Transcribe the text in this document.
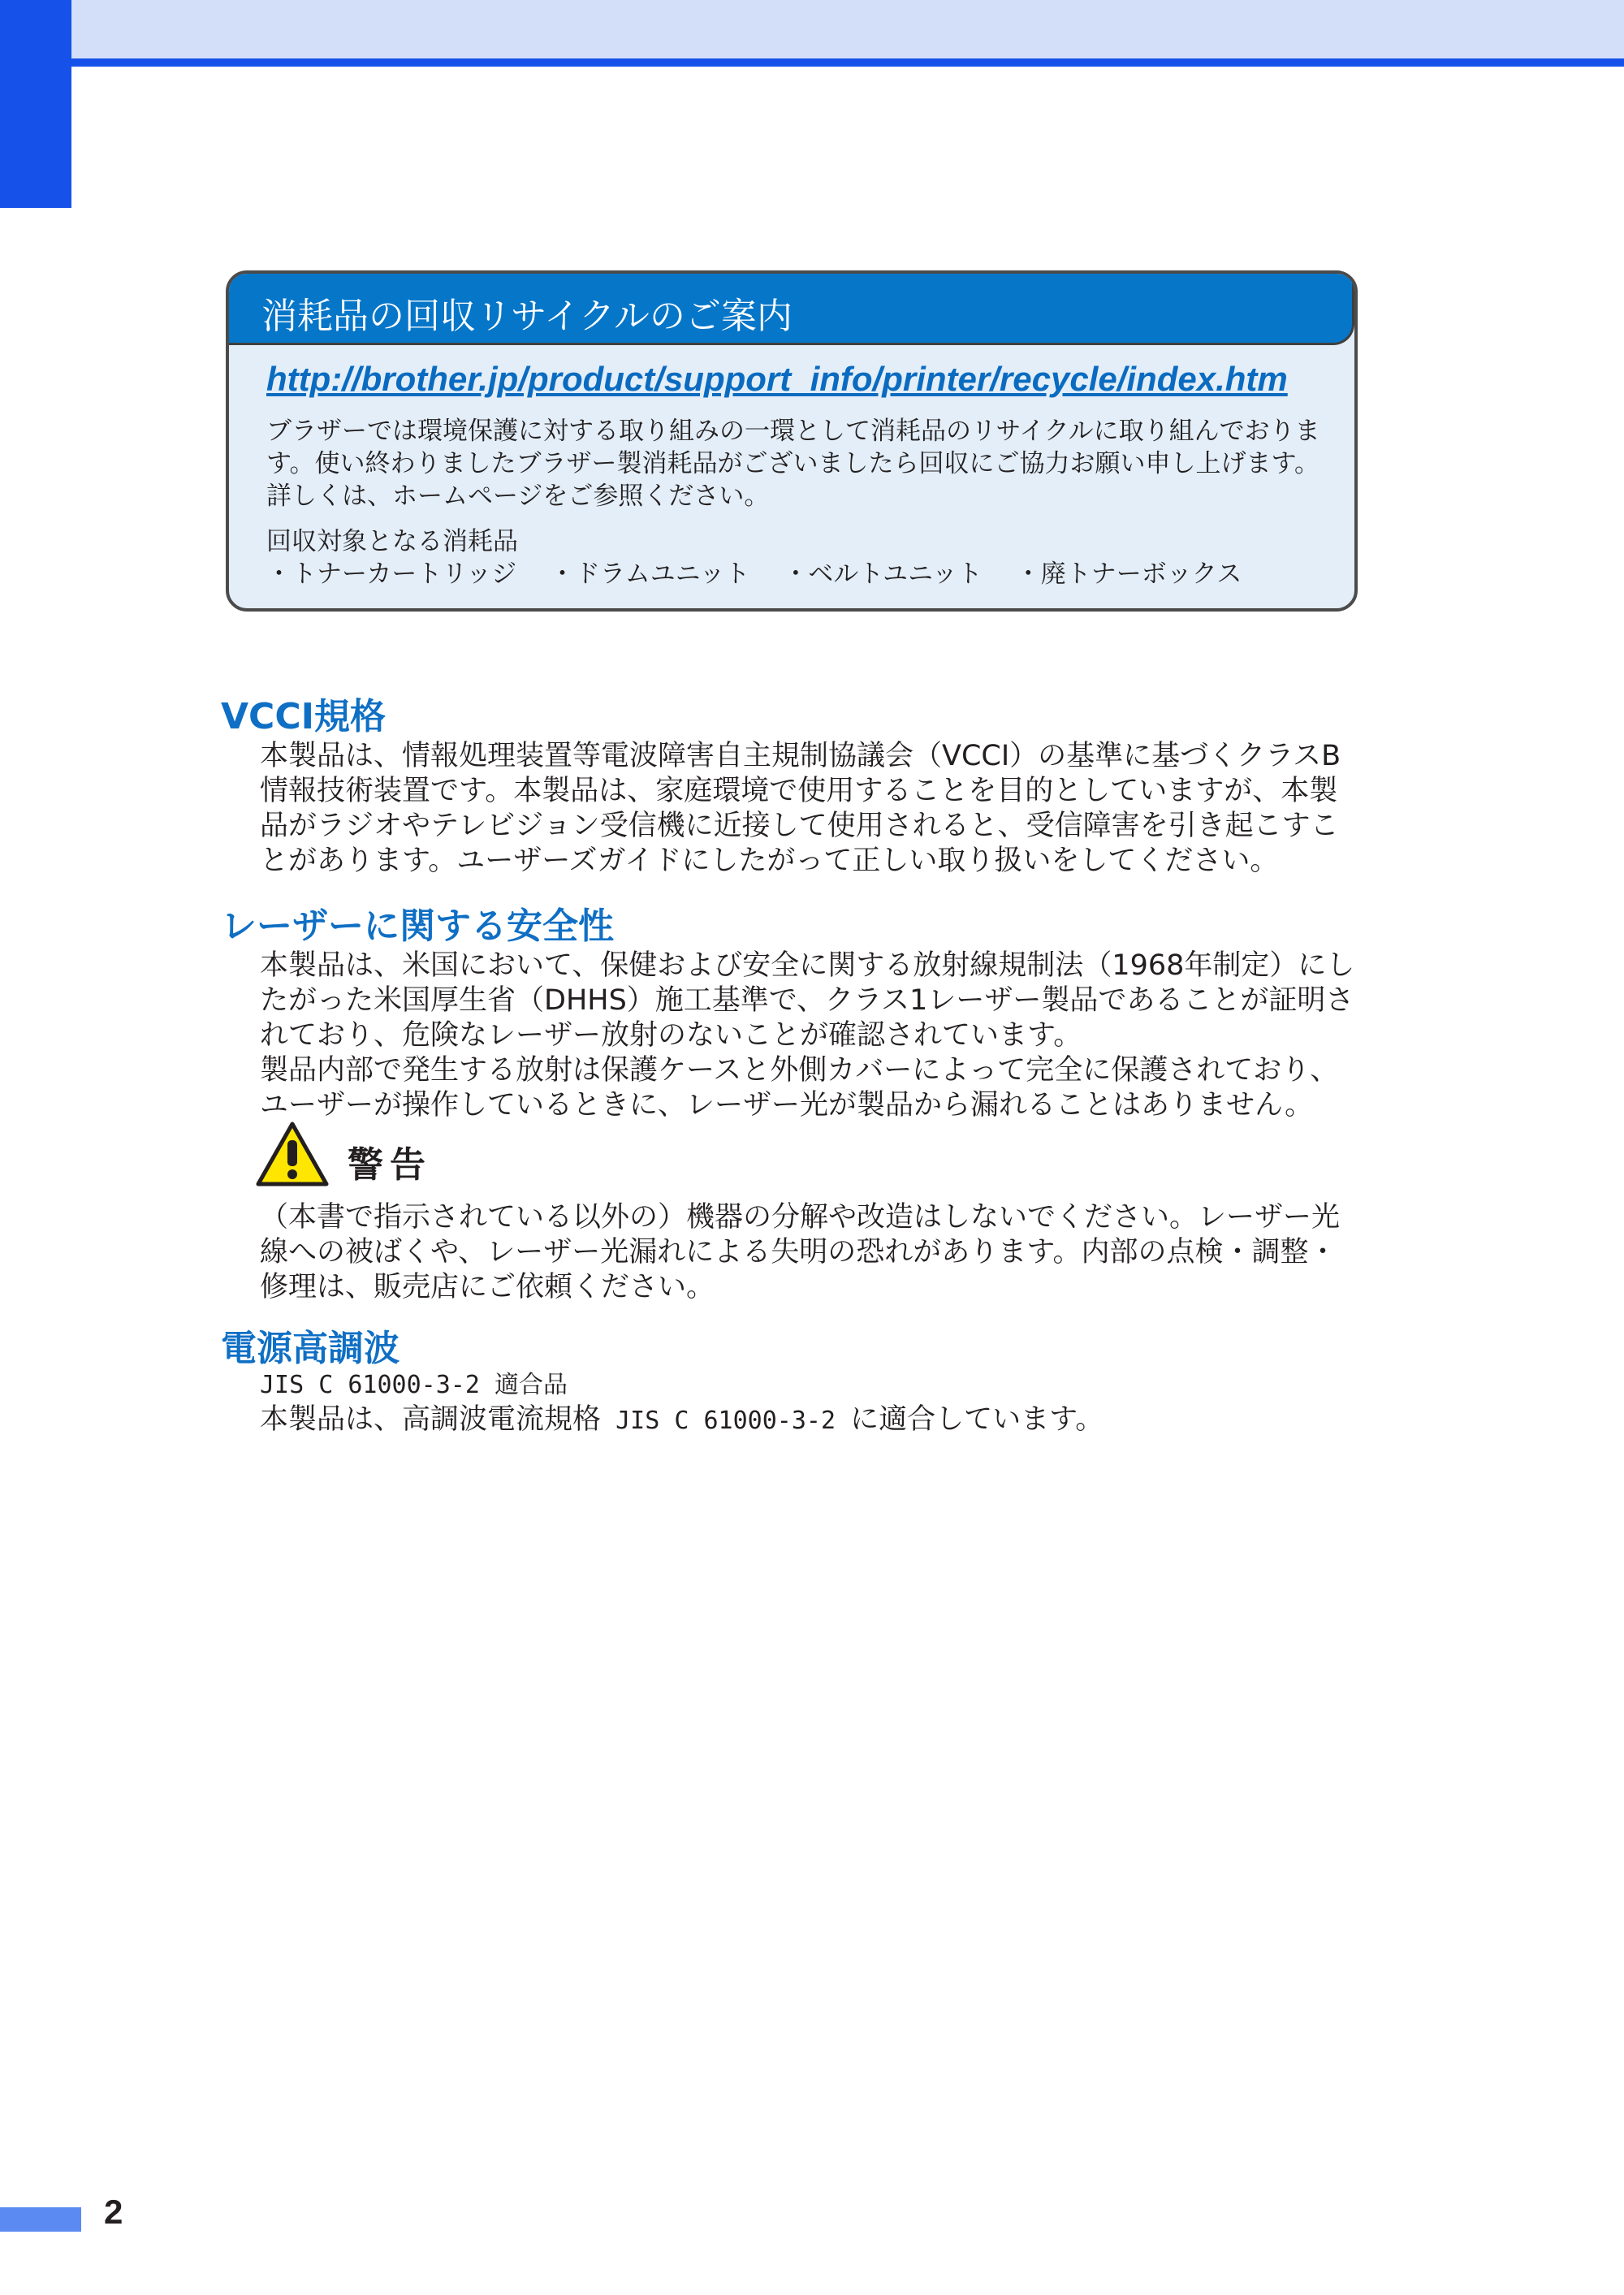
消耗品の回収リサイクルのご案内
http://brother.jp/product/support_info/printer/recycle/index.htm
ブラザーでは環境保護に対する取り組みの一環として消耗品のリサイクルに取り組んでおります。使い終わりましたブラザー製消耗品がございましたら回収にご協力お願い申し上げます。詳しくは、ホームページをご参照ください。
回収対象となる消耗品
・トナーカートリッジ　 ・ドラムユニット　 ・ベルトユニット　 ・廃トナーボックス
VCCI規格
本製品は、情報処理装置等電波障害自主規制協議会（VCCI）の基準に基づくクラスB情報技術装置です。本製品は、家庭環境で使用することを目的としていますが、本製品がラジオやテレビジョン受信機に近接して使用されると、受信障害を引き起こすことがあります。ユーザーズガイドにしたがって正しい取り扱いをしてください。
レーザーに関する安全性

本製品は、米国において、保健および安全に関する放射線規制法（1968年制定）にしたがった米国厚生省（DHHS）施工基準で、クラス1レーザー製品であることが証明されており、危険なレーザー放射のないことが確認されています。

製品内部で発生する放射は保護ケースと外側カバーによって完全に保護されており、ユーザーが操作しているときに、レーザー光が製品から漏れることはありません。

警告
（本書で指示されている以外の）機器の分解や改造はしないでください。レーザー光線への被ばくや、レーザー光漏れによる失明の恐れがあります。内部の点検・調整・修理は、販売店にご依頼ください。
電源高調波

JIS C 61000-3-2 適合品

本製品は、高調波電流規格 JIS C 61000-3-2 に適合しています。

2
